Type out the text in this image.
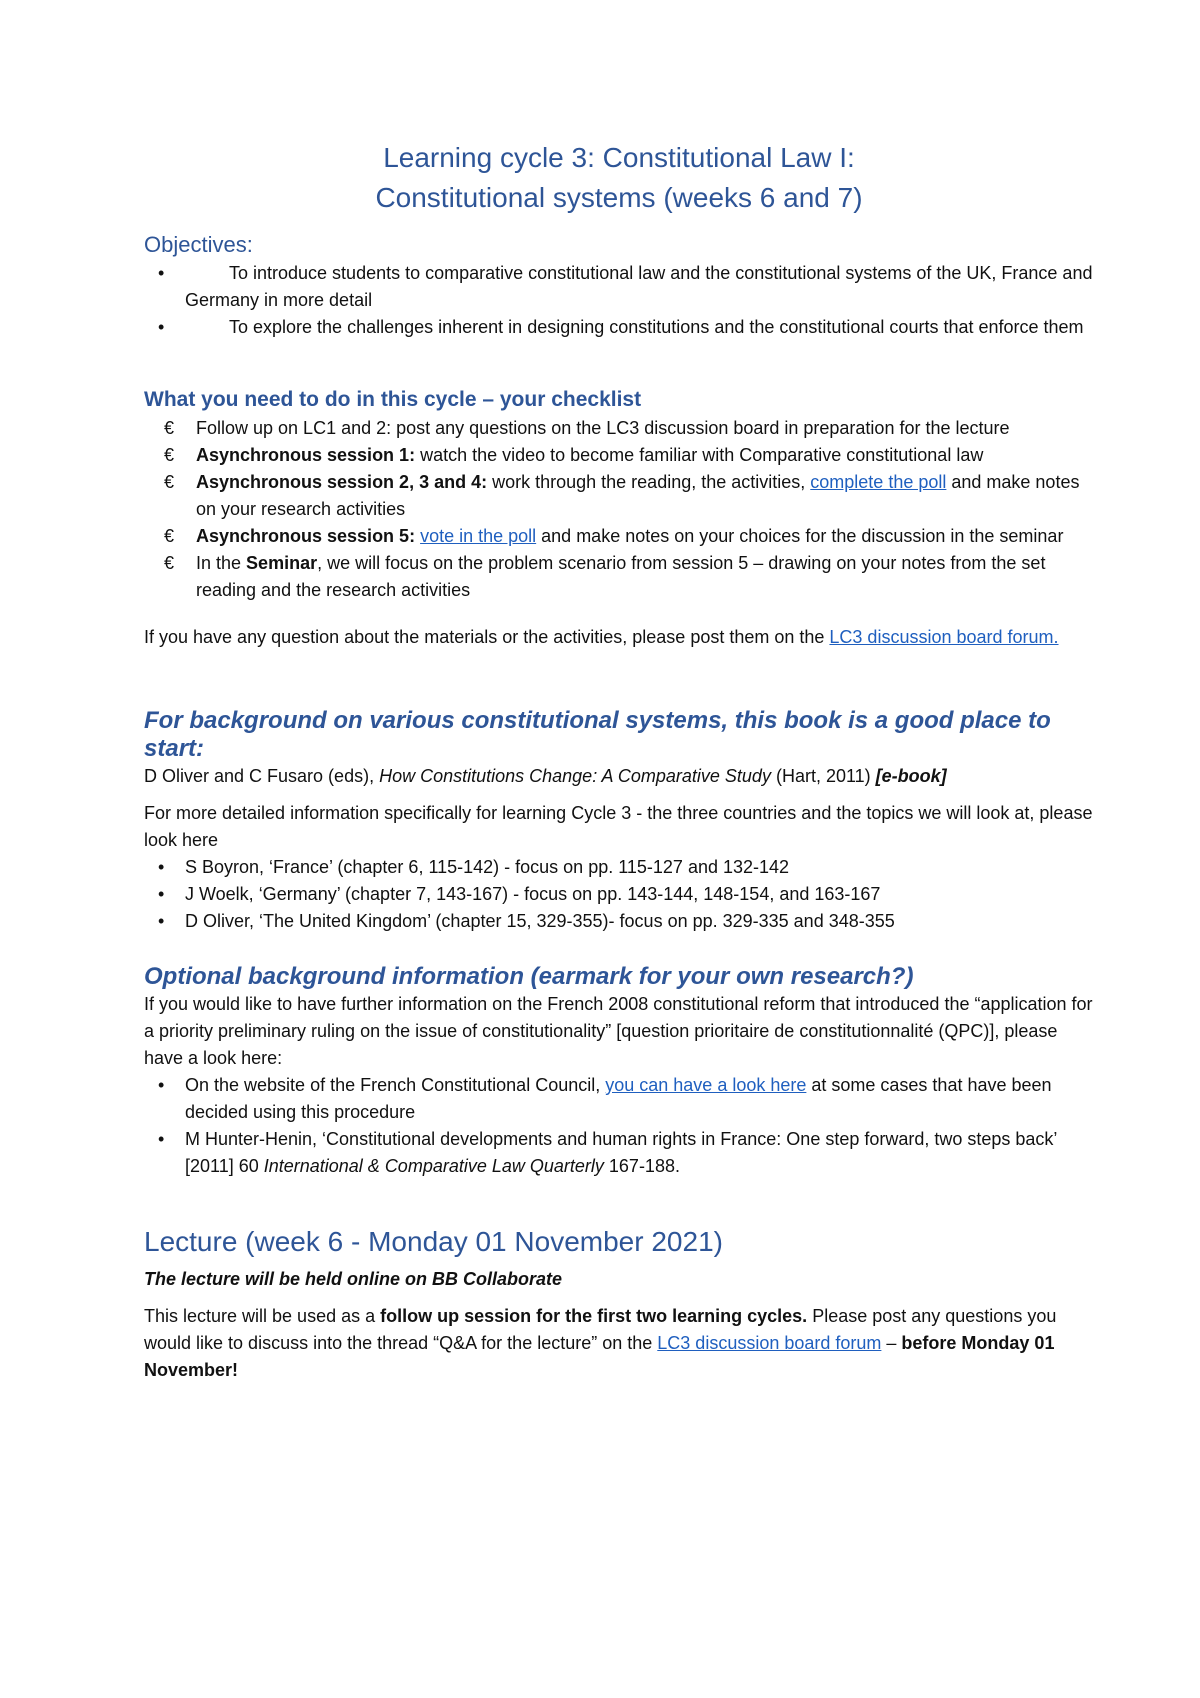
Learning cycle 3: Constitutional Law I:
Constitutional systems (weeks 6 and 7)
Objectives:
• To introduce students to comparative constitutional law and the constitutional systems of the UK, France and Germany in more detail
• To explore the challenges inherent in designing constitutions and the constitutional courts that enforce them
What you need to do in this cycle – your checklist
€	Follow up on LC1 and 2: post any questions on the LC3 discussion board in preparation for the lecture
€	Asynchronous session 1: watch the video to become familiar with Comparative constitutional law
€	Asynchronous session 2, 3 and 4: work through the reading, the activities, complete the poll and make notes on your research activities
€	Asynchronous session 5: vote in the poll and make notes on your choices for the discussion in the seminar
€	In the Seminar, we will focus on the problem scenario from session 5 – drawing on your notes from the set reading and the research activities

If you have any question about the materials or the activities, please post them on the LC3 discussion board forum.

For background on various constitutional systems, this book is a good place to start:

D Oliver and C Fusaro (eds), How Constitutions Change: A Comparative Study (Hart, 2011) [e-book]

For more detailed information specifically for learning Cycle 3 - the three countries and the topics we will look at, please look here

• S Boyron, ‘France’ (chapter 6, 115-142) - focus on pp. 115-127 and 132-142
• J Woelk, ‘Germany’ (chapter 7, 143-167) - focus on pp. 143-144, 148-154, and 163-167
• D Oliver, ‘The United Kingdom’ (chapter 15, 329-355)- focus on pp. 329-335 and 348-355
Optional background information (earmark for your own research?)

If you would like to have further information on the French 2008 constitutional reform that introduced the “application for a priority preliminary ruling on the issue of constitutionality” [question prioritaire de constitutionnalité (QPC)], please have a look here:

• On the website of the French Constitutional Council, you can have a look here at some cases that have been decided using this procedure
• M Hunter-Henin, ‘Constitutional developments and human rights in France: One step forward, two steps back’ [2011] 60 International & Comparative Law Quarterly 167-188.
Lecture (week 6 - Monday 01 November 2021)

The lecture will be held online on BB Collaborate

This lecture will be used as a follow up session for the first two learning cycles. Please post any questions you would like to discuss into the thread “Q&A for the lecture” on the LC3 discussion board forum – before Monday 01 November!
